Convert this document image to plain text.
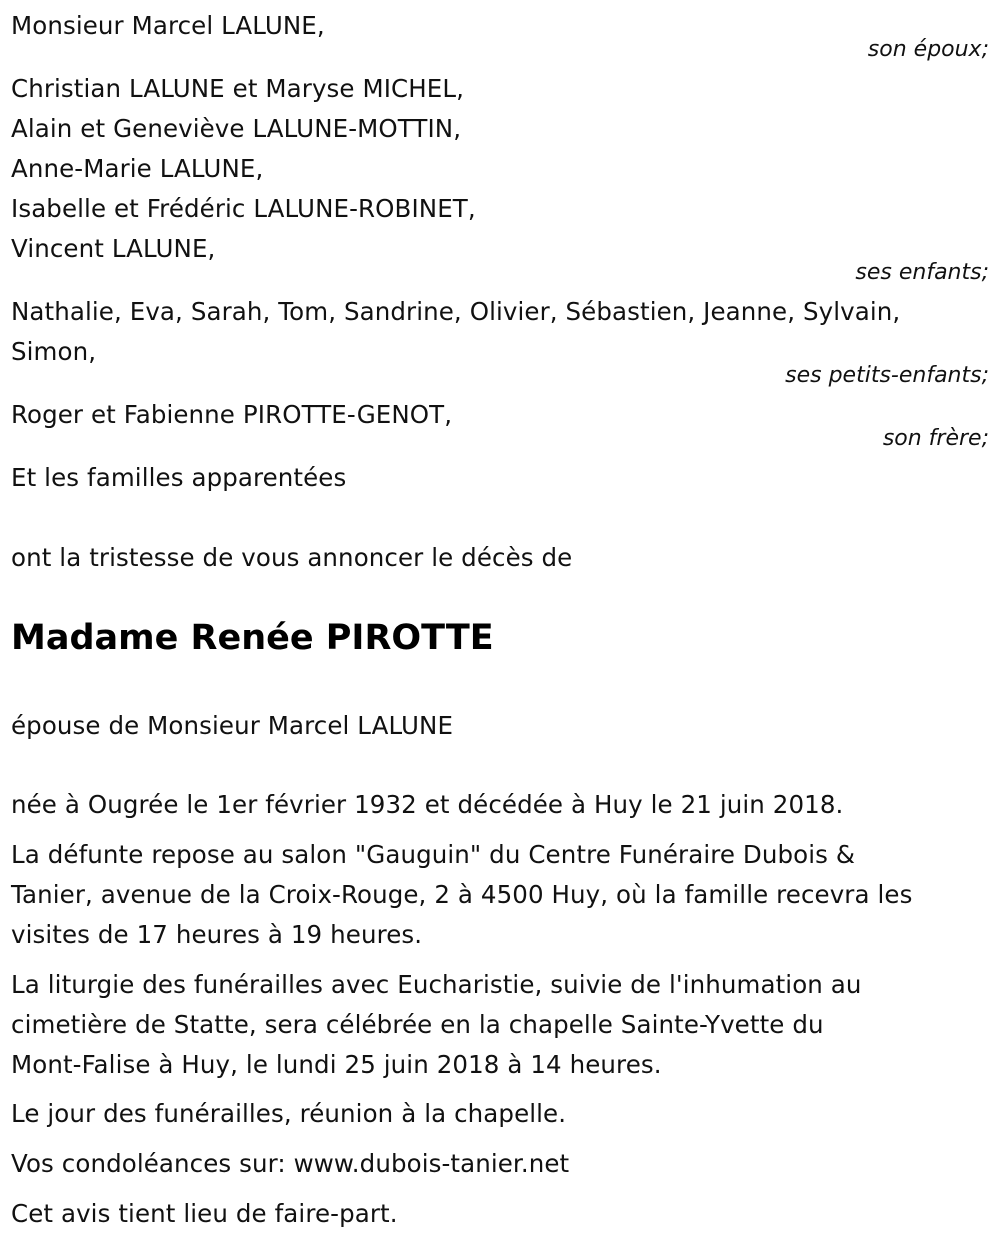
Monsieur Marcel LALUNE,
son époux;
Christian LALUNE et Maryse MICHEL,
Alain et Geneviève LALUNE-MOTTIN,
Anne-Marie LALUNE,
Isabelle et Frédéric LALUNE-ROBINET,
Vincent LALUNE,
ses enfants;
Nathalie, Eva, Sarah, Tom, Sandrine, Olivier, Sébastien, Jeanne, Sylvain,
Simon,
ses petits-enfants;
Roger et Fabienne PIROTTE-GENOT,
son frère;
Et les familles apparentées
ont la tristesse de vous annoncer le décès de
Madame Renée PIROTTE
épouse de Monsieur Marcel LALUNE
née à Ougrée le 1er février 1932 et décédée à Huy le 21 juin 2018.
La défunte repose au salon "Gauguin" du Centre Funéraire Dubois &
Tanier, avenue de la Croix-Rouge, 2 à 4500 Huy, où la famille recevra les
visites de 17 heures à 19 heures.
La liturgie des funérailles avec Eucharistie, suivie de l'inhumation au
cimetière de Statte, sera célébrée en la chapelle Sainte-Yvette du
Mont-Falise à Huy, le lundi 25 juin 2018 à 14 heures.
Le jour des funérailles, réunion à la chapelle.
Vos condoléances sur: www.dubois-tanier.net
Cet avis tient lieu de faire-part.
